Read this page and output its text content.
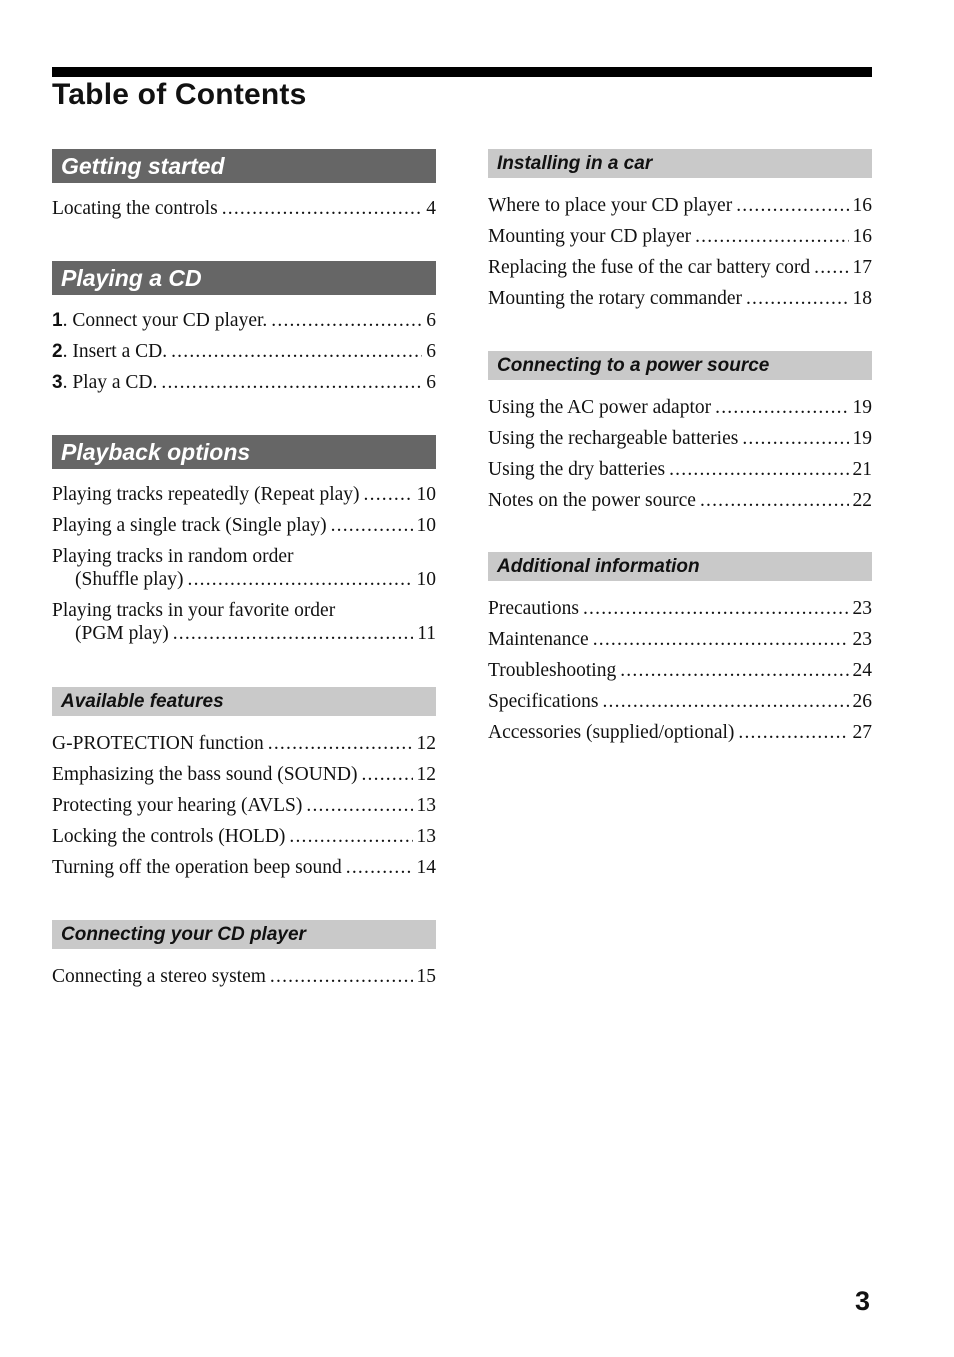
Table of Contents
Getting started
Locating the controls .....	4
Playing a CD
1 . Connect your CD player. .....	6
2 . Insert a CD. .....	6
3 . Play a CD. .....	6
Playback options
Playing tracks repeatedly (Repeat play) .....	10
Playing a single track (Single play) .....	10
Playing tracks in random order
(Shuffle play) .....	10
Playing tracks in your favorite order
(PGM play) .....	11
Available features
G-PROTECTION function .....	12
Emphasizing the bass sound (SOUND) .....	12
Protecting your hearing (AVLS) .....	13
Locking the controls (HOLD) .....	13
Turning off the operation beep sound .....	14
Connecting your CD player
Connecting a stereo system .....	15
Installing in a car
Where to place your CD player .....	16
Mounting your CD player .....	16
Replacing the fuse of the car battery cord ..... 17
Mounting the rotary commander .....	18
Connecting to a power source
Using the AC power adaptor .....	19
Using the rechargeable batteries .....	19
Using the dry batteries .....	21
Notes on the power source .....	22
Additional information
Precautions .....	23
Maintenance .....	23
Troubleshooting .....	24
Specifications .....	26
Accessories (supplied/optional) .....	27
3
